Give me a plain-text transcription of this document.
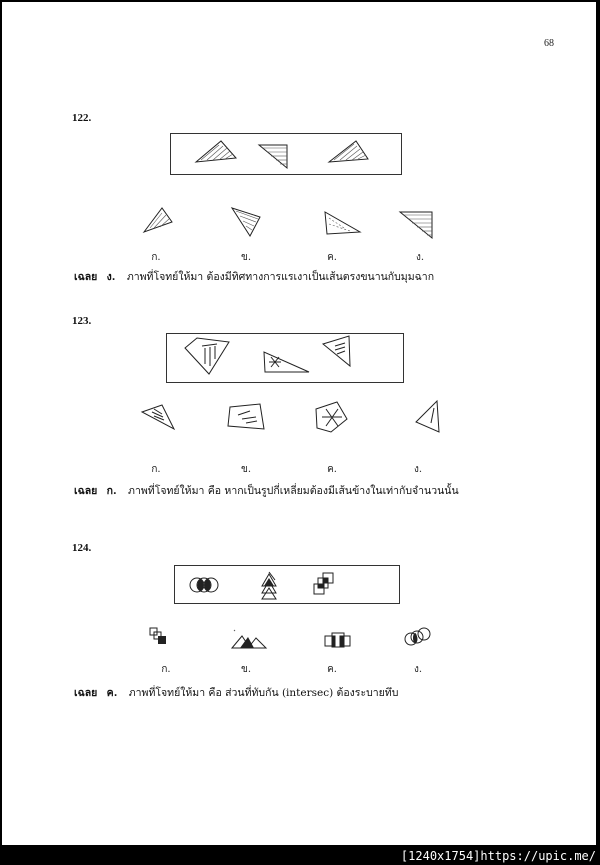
68
122.
ก.	ข.	ค.	ง.
เฉลย ง. ภาพที่โจทย์ให้มา ต้องมีทิศทางการแรเงาเป็นเส้นตรงขนานกับมุมฉาก
123.
ก.	ข.	ค.	ง.
เฉลย ก. ภาพที่โจทย์ให้มา คือ หากเป็นรูปกี่เหลี่ยมต้องมีเส้นข้างในเท่ากับจำนวนนั้น
124.
ก.	ข.	ค.	ง.
เฉลย ค. ภาพที่โจทย์ให้มา คือ ส่วนที่ทับกัน (intersec) ต้องระบายทึบ
[1240x1754]https://upic.me/
